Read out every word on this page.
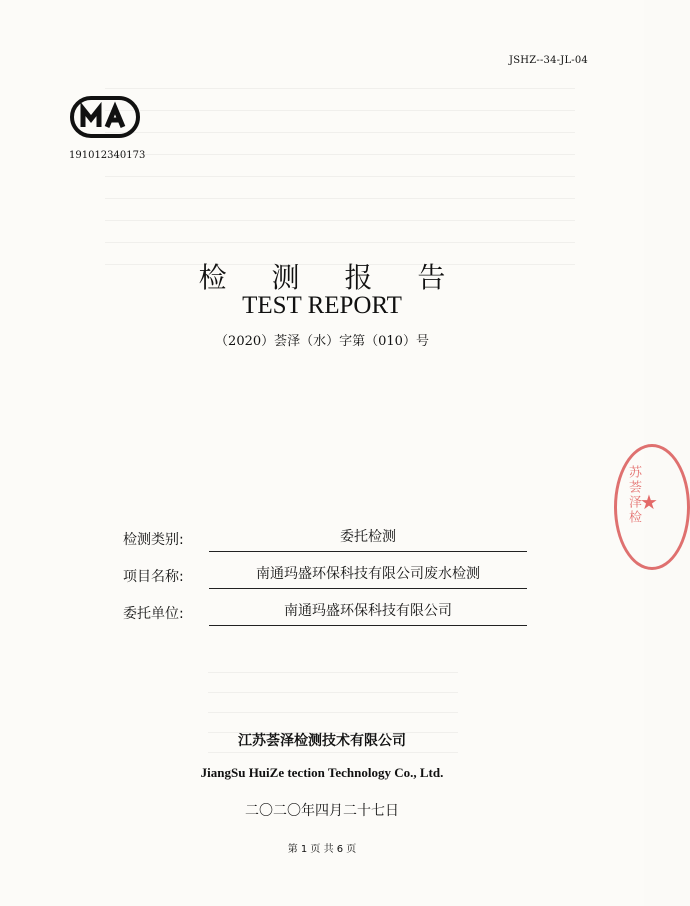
JSHZ--34-JL-04
191012340173
检 测 报 告
TEST REPORT
（2020）荟泽（水）字第（010）号
检测类别:	委托检测
项目名称:	南通玛盛环保科技有限公司废水检测
委托单位:	南通玛盛环保科技有限公司
江苏荟泽检测技术有限公司
JiangSu HuiZe tection Technology Co., Ltd.
二〇二〇年四月二十七日
第 1 页 共 6 页
★
苏荟泽检
